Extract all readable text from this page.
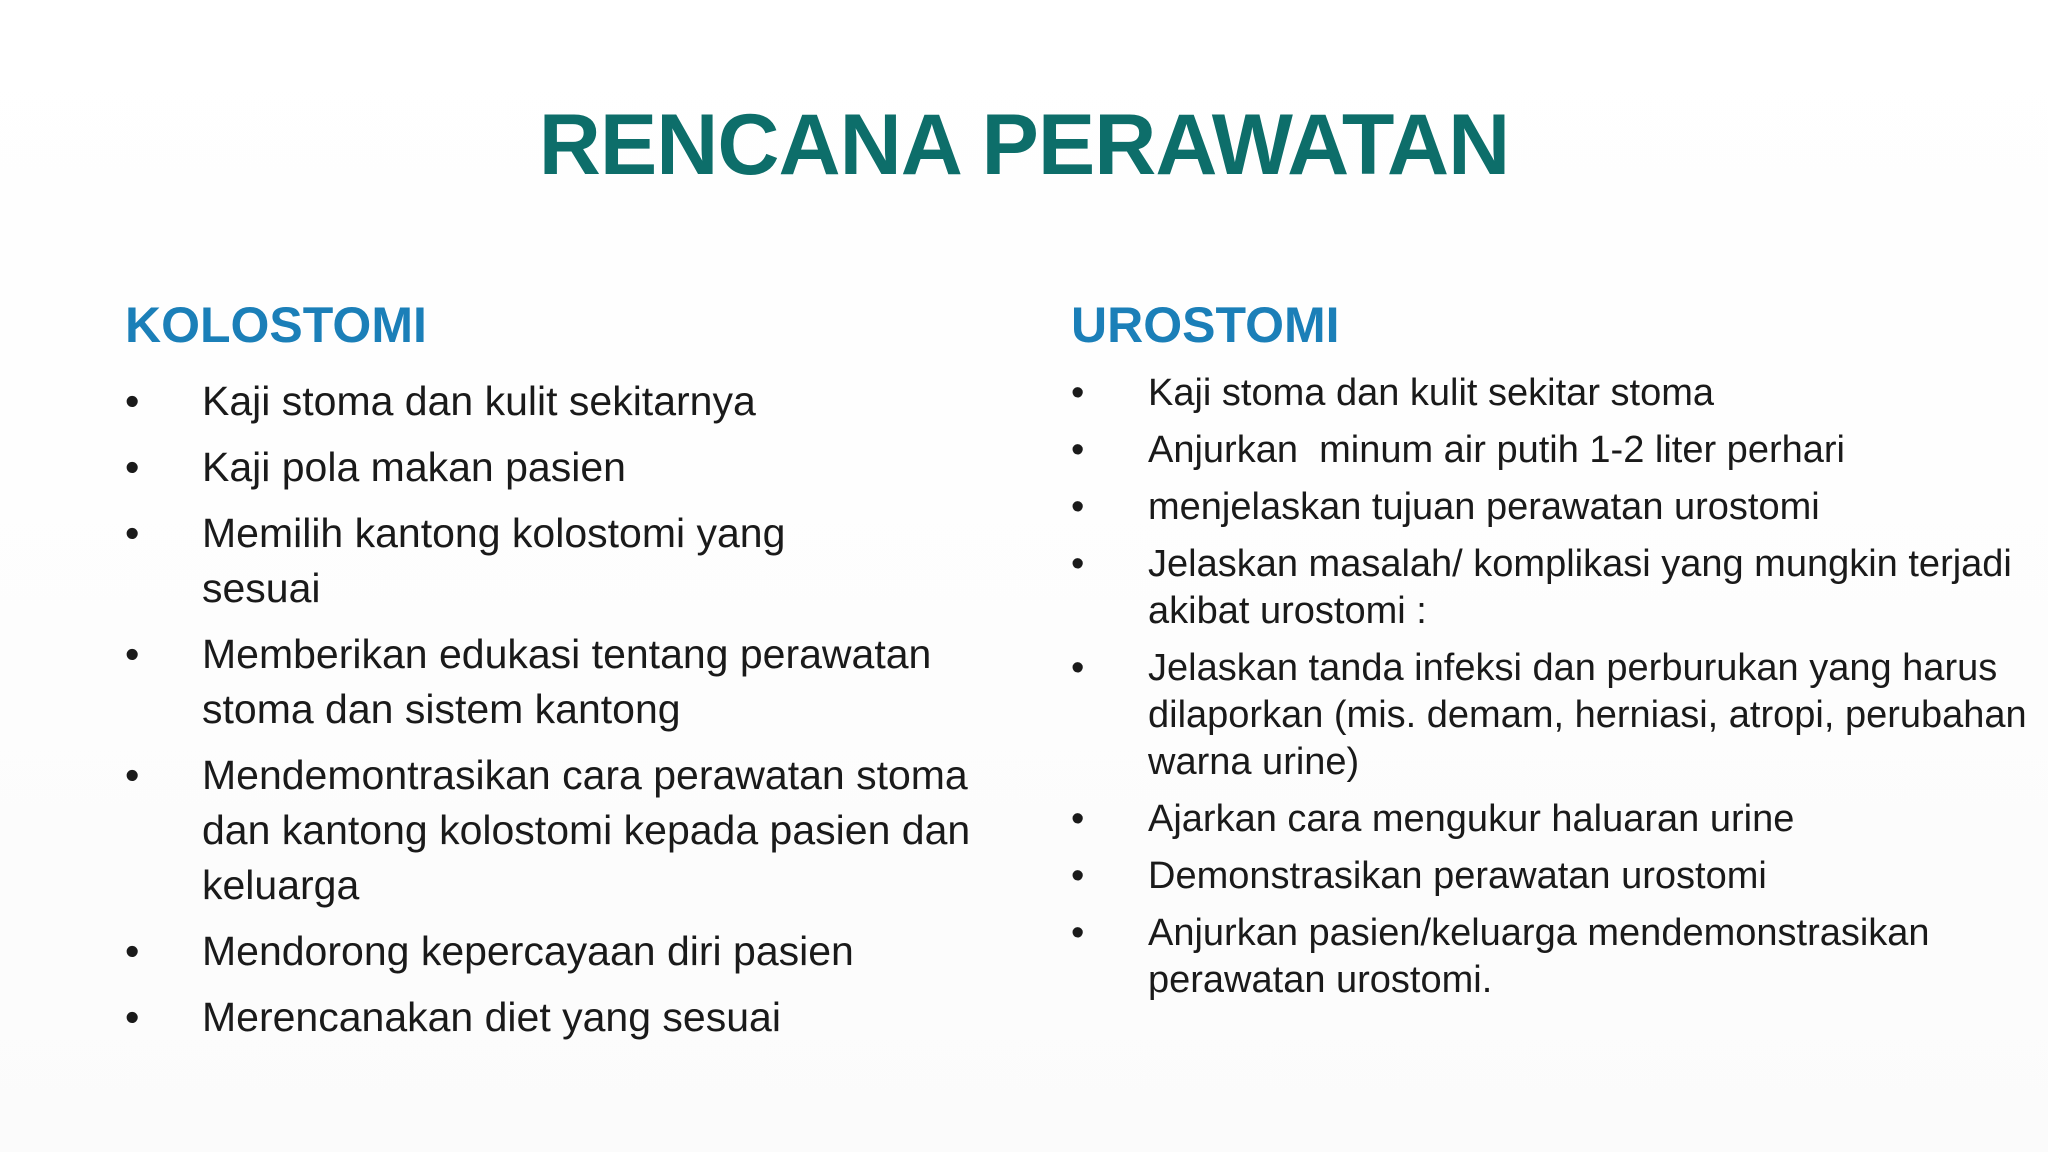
RENCANA PERAWATAN
KOLOSTOMI
• Kaji stoma dan kulit sekitarnya
• Kaji pola makan pasien
• Memilih kantong kolostomi yang sesuai
• Memberikan edukasi tentang perawatan stoma dan sistem kantong
• Mendemontrasikan cara perawatan stoma dan kantong kolostomi kepada pasien dan keluarga
• Mendorong kepercayaan diri pasien
• Merencanakan diet yang sesuai
UROSTOMI
• Kaji stoma dan kulit sekitar stoma
• Anjurkan  minum air putih 1-2 liter perhari
• menjelaskan tujuan perawatan urostomi
• Jelaskan masalah/ komplikasi yang mungkin terjadi akibat urostomi :
• Jelaskan tanda infeksi dan perburukan yang harus dilaporkan (mis. demam, herniasi, atropi, perubahan warna urine)
• Ajarkan cara mengukur haluaran urine
• Demonstrasikan perawatan urostomi
• Anjurkan pasien/keluarga mendemonstrasikan perawatan urostomi.
